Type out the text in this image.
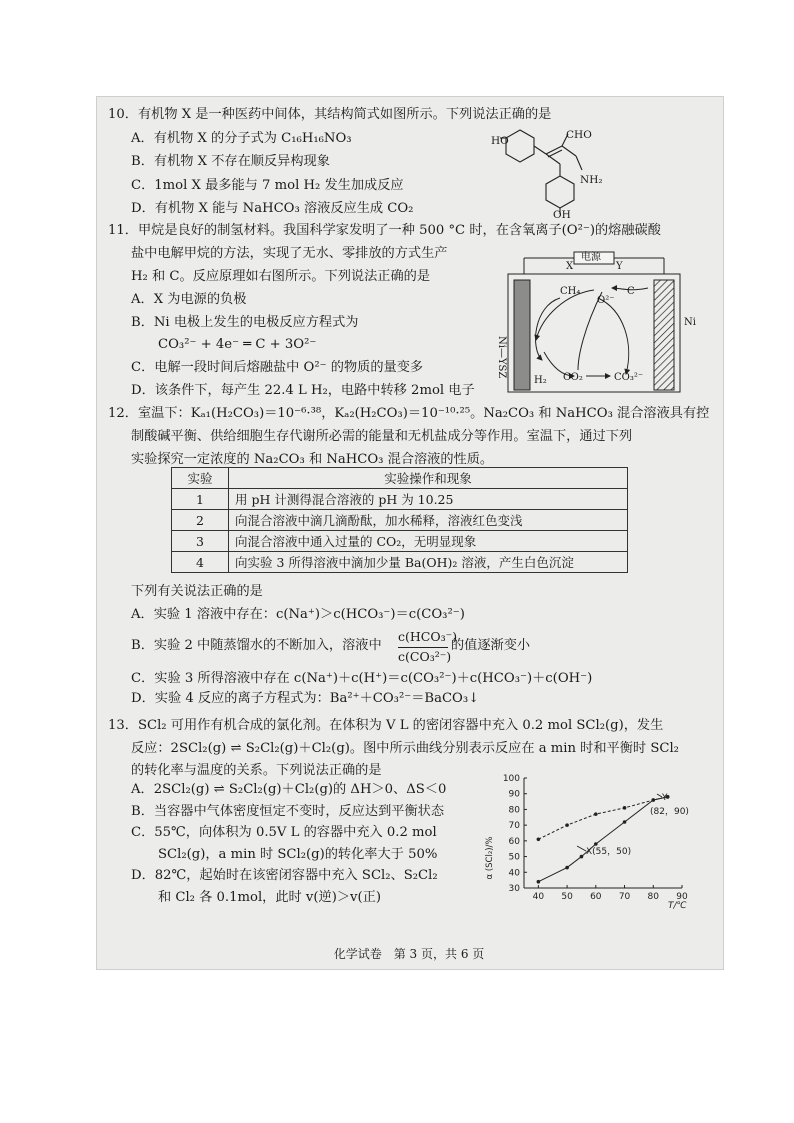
10．有机物 X 是一种医药中间体，其结构简式如图所示。下列说法正确的是
A．有机物 X 的分子式为 C₁₆H₁₆NO₃
B．有机物 X 不存在顺反异构现象
C．1mol X 最多能与 7 mol H₂ 发生加成反应
D．有机物 X 能与 NaHCO₃ 溶液反应生成 CO₂
HO	CHO
NH₂
OH
11．甲烷是良好的制氢材料。我国科学家发明了一种 500 °C 时，在含氧离子(O²⁻)的熔融碳酸
盐中电解甲烷的方法，实现了无水、零排放的方式生产
H₂ 和 C。反应原理如右图所示。下列说法正确的是
A．X 为电源的负极
B．Ni 电极上发生的电极反应方程式为
CO₃²⁻ + 4e⁻ ═ C + 3O²⁻
C．电解一段时间后熔融盐中 O²⁻ 的物质的量变多
D．该条件下，每产生 22.4 L H₂，电路中转移 2mol 电子
电源
X	Y
CH₄
O²⁻
C
Ni—YSZ
Ni
H₂ CO₂	CO₃²⁻
12．室温下：Kₐ₁(H₂CO₃)＝10⁻⁶·³⁸，Kₐ₂(H₂CO₃)＝10⁻¹⁰·²⁵。Na₂CO₃ 和 NaHCO₃ 混合溶液具有控
制酸碱平衡、供给细胞生存代谢所必需的能量和无机盐成分等作用。室温下，通过下列
实验探究一定浓度的 Na₂CO₃ 和 NaHCO₃ 混合溶液的性质。
实验	实验操作和现象
1	用 pH 计测得混合溶液的 pH 为 10.25
2	向混合溶液中滴几滴酚酞，加水稀释，溶液红色变浅
3	向混合溶液中通入过量的 CO₂，无明显现象
4	向实验 3 所得溶液中滴加少量 Ba(OH)₂ 溶液，产生白色沉淀
下列有关说法正确的是
A．实验 1 溶液中存在：c(Na⁺)＞c(HCO₃⁻)＝c(CO₃²⁻)
B．实验 2 中随蒸馏水的不断加入，溶液中
c(HCO₃⁻)
c(CO₃²⁻)
的值逐渐变小
C．实验 3 所得溶液中存在 c(Na⁺)＋c(H⁺)＝c(CO₃²⁻)＋c(HCO₃⁻)＋c(OH⁻)
D．实验 4 反应的离子方程式为：Ba²⁺＋CO₃²⁻＝BaCO₃↓
13．SCl₂ 可用作有机合成的氯化剂。在体积为 V L 的密闭容器中充入 0.2 mol SCl₂(g)，发生
反应：2SCl₂(g) ⇌ S₂Cl₂(g)＋Cl₂(g)。图中所示曲线分别表示反应在 a min 时和平衡时 SCl₂
的转化率与温度的关系。下列说法正确的是
A．2SCl₂(g) ⇌ S₂Cl₂(g)＋Cl₂(g)的 ΔH＞0、ΔS＜0
B．当容器中气体密度恒定不变时，反应达到平衡状态
C．55℃，向体积为 0.5V L 的容器中充入 0.2 mol
SCl₂(g)，a min 时 SCl₂(g)的转化率大于 50%
D．82℃，起始时在该密闭容器中充入 SCl₂、S₂Cl₂
和 Cl₂ 各 0.1mol，此时 v(逆)＞v(正)	40 50 60 70 80 90
30
40
50
60
70
80
90
100
α (SCl₂)/%
T/℃
X(55，50)
Y
(82，90)
化学试卷　第 3 页，共 6 页
